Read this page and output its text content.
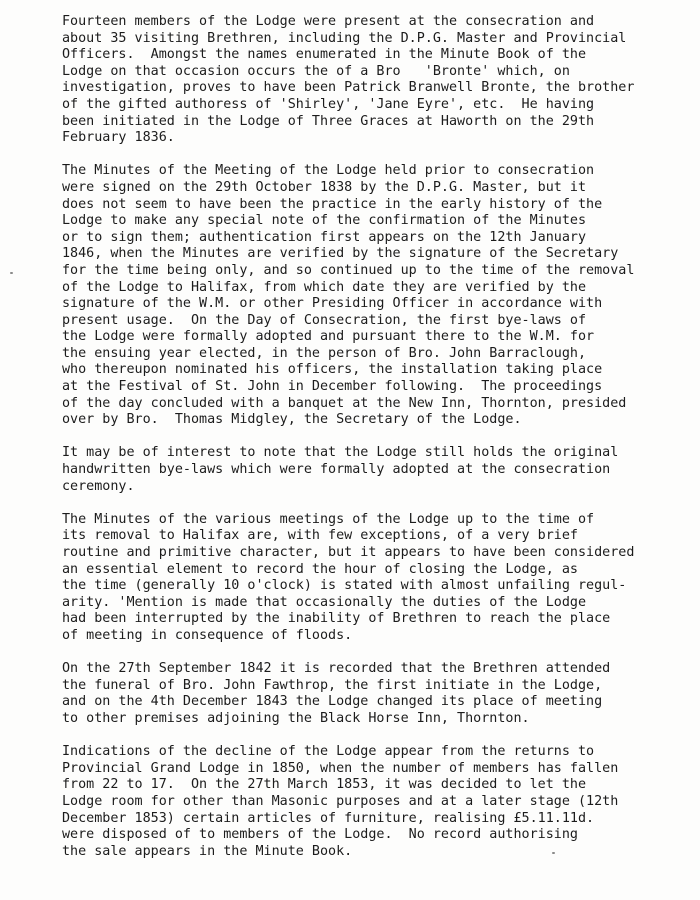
Fourteen members of the Lodge were present at the consecration and
about 35 visiting Brethren, including the D.P.G. Master and Provincial
Officers.  Amongst the names enumerated in the Minute Book of the
Lodge on that occasion occurs the of a Bro   'Bronte' which, on
investigation, proves to have been Patrick Branwell Bronte, the brother
of the gifted authoress of 'Shirley', 'Jane Eyre', etc.  He having
been initiated in the Lodge of Three Graces at Haworth on the 29th
February 1836.

The Minutes of the Meeting of the Lodge held prior to consecration
were signed on the 29th October 1838 by the D.P.G. Master, but it
does not seem to have been the practice in the early history of the
Lodge to make any special note of the confirmation of the Minutes
or to sign them; authentication first appears on the 12th January
1846, when the Minutes are verified by the signature of the Secretary
for the time being only, and so continued up to the time of the removal
of the Lodge to Halifax, from which date they are verified by the
signature of the W.M. or other Presiding Officer in accordance with
present usage.  On the Day of Consecration, the first bye-laws of
the Lodge were formally adopted and pursuant there to the W.M. for
the ensuing year elected, in the person of Bro. John Barraclough,
who thereupon nominated his officers, the installation taking place
at the Festival of St. John in December following.  The proceedings
of the day concluded with a banquet at the New Inn, Thornton, presided
over by Bro.  Thomas Midgley, the Secretary of the Lodge.

It may be of interest to note that the Lodge still holds the original
handwritten bye-laws which were formally adopted at the consecration
ceremony.

The Minutes of the various meetings of the Lodge up to the time of
its removal to Halifax are, with few exceptions, of a very brief
routine and primitive character, but it appears to have been considered
an essential element to record the hour of closing the Lodge, as
the time (generally 10 o'clock) is stated with almost unfailing regul-
arity. 'Mention is made that occasionally the duties of the Lodge
had been interrupted by the inability of Brethren to reach the place
of meeting in consequence of floods.

On the 27th September 1842 it is recorded that the Brethren attended
the funeral of Bro. John Fawthrop, the first initiate in the Lodge,
and on the 4th December 1843 the Lodge changed its place of meeting
to other premises adjoining the Black Horse Inn, Thornton.

Indications of the decline of the Lodge appear from the returns to
Provincial Grand Lodge in 1850, when the number of members has fallen
from 22 to 17.  On the 27th March 1853, it was decided to let the
Lodge room for other than Masonic purposes and at a later stage (12th
December 1853) certain articles of furniture, realising £5.11.11d.
were disposed of to members of the Lodge.  No record authorising
the sale appears in the Minute Book.
